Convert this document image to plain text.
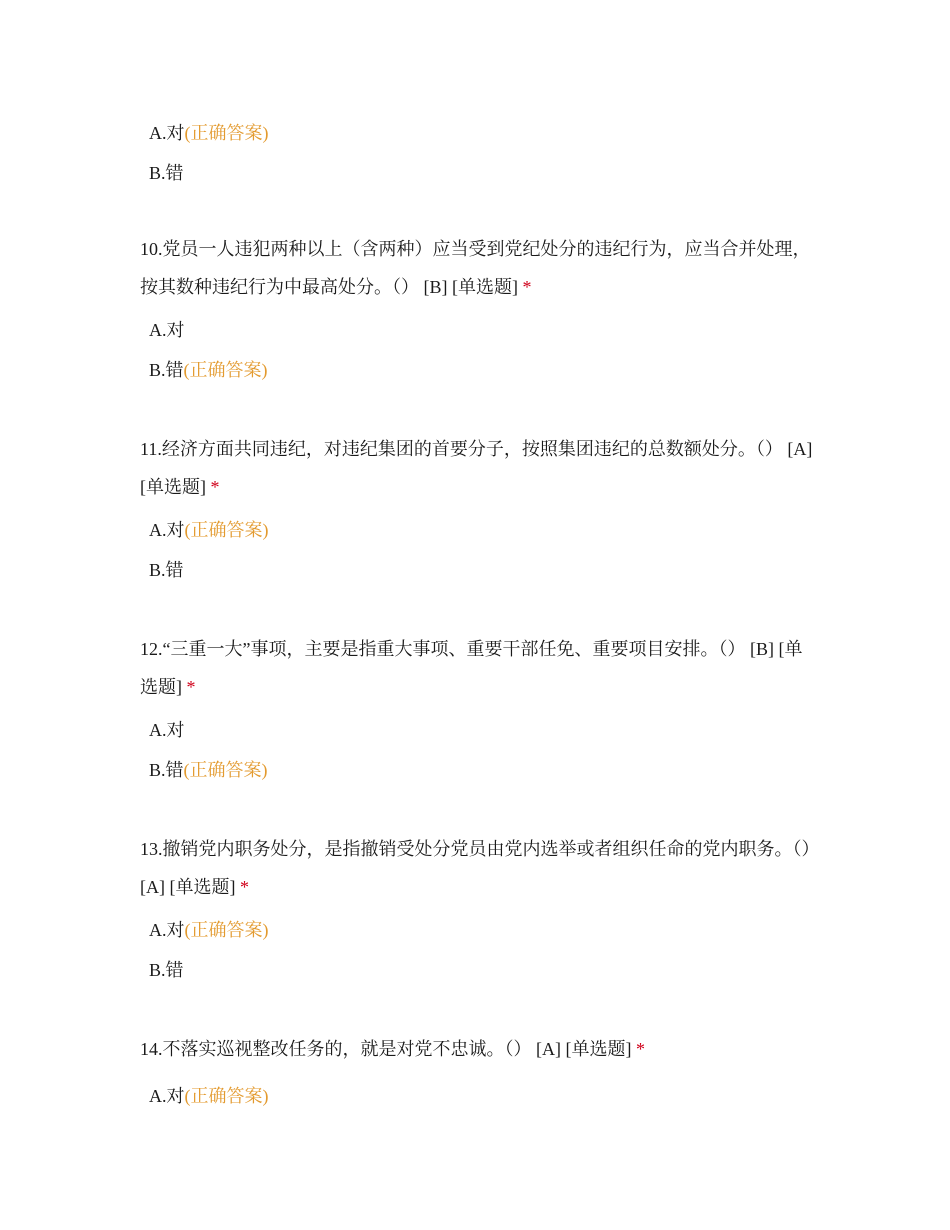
A.对(正确答案)

B.错

10.党员一人违犯两种以上（含两种）应当受到党纪处分的违纪行为，应当合并处理，按其数种违纪行为中最高处分。（） [B] [单选题] *

A.对

B.错(正确答案)

11.经济方面共同违纪，对违纪集团的首要分子，按照集团违纪的总数额处分。（） [A] [单选题] *

A.对(正确答案)

B.错

12.“三重一大”事项，主要是指重大事项、重要干部任免、重要项目安排。（） [B] [单选题] *

A.对

B.错(正确答案)

13.撤销党内职务处分，是指撤销受处分党员由党内选举或者组织任命的党内职务。（） [A] [单选题] *

A.对(正确答案)

B.错

14.不落实巡视整改任务的，就是对党不忠诚。（） [A] [单选题] *

A.对(正确答案)
